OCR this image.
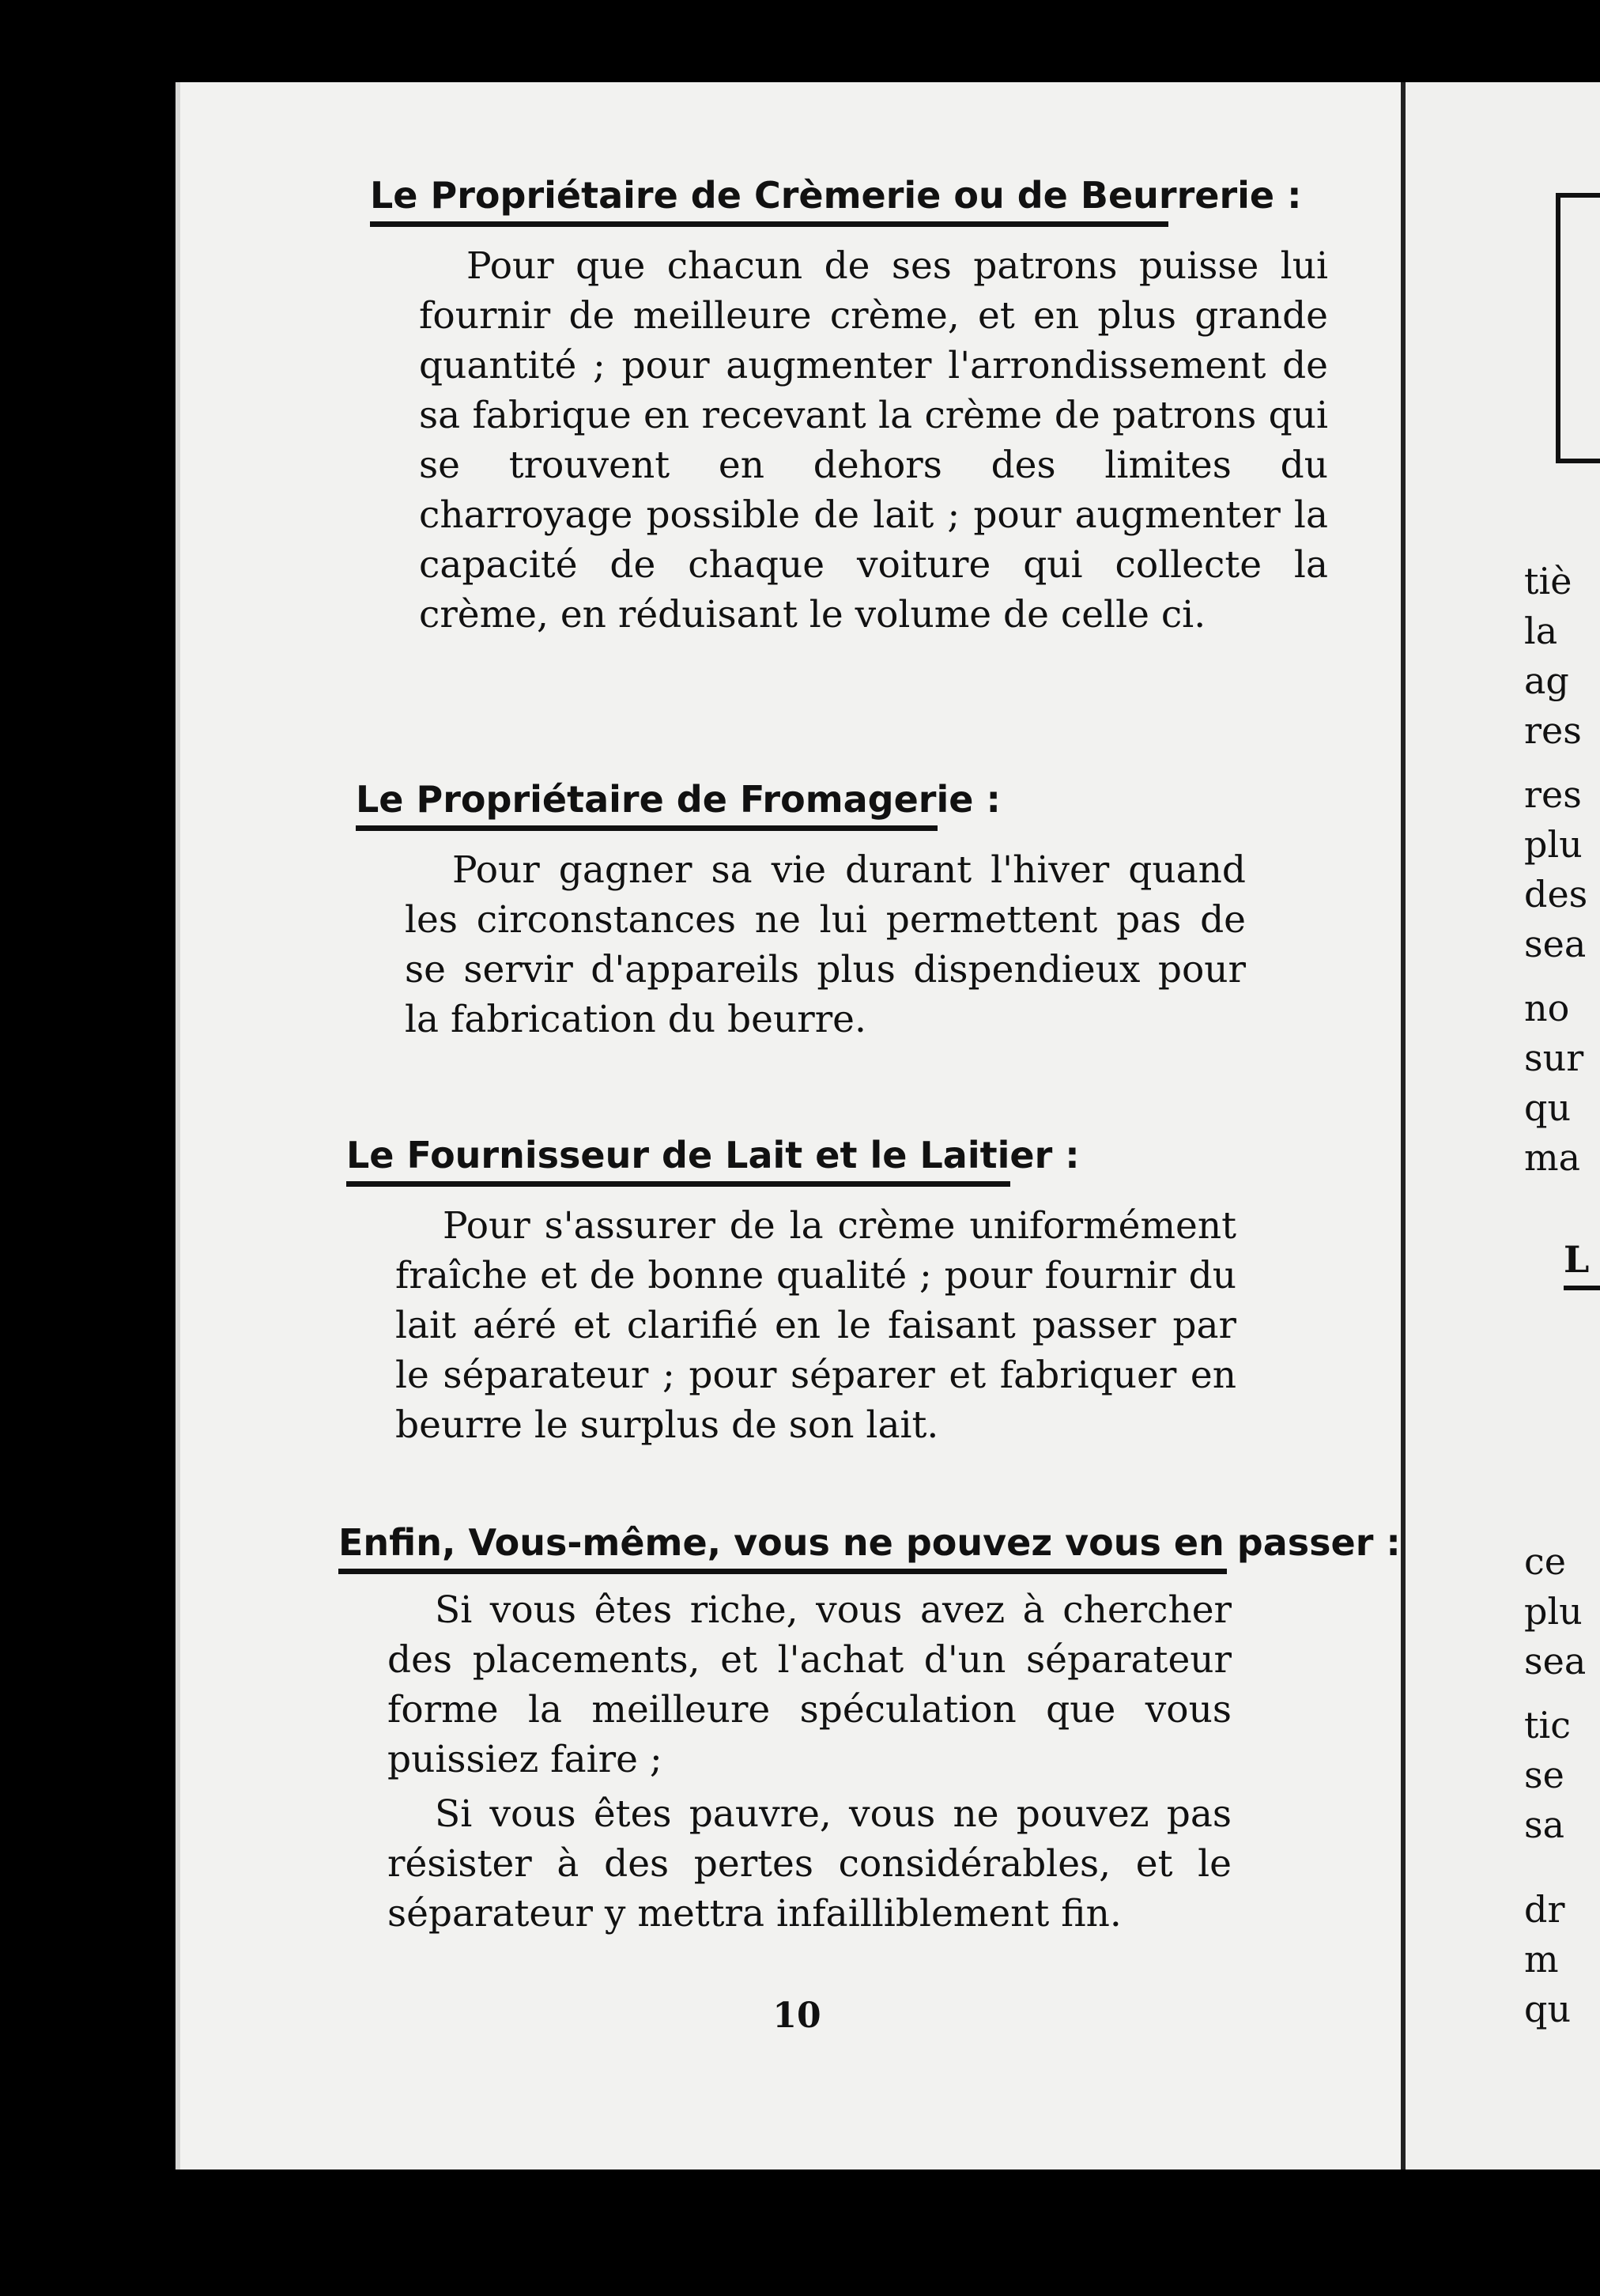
Le Propriétaire de Crèmerie ou de Beurrerie :

Pour que chacun de ses patrons puisse lui fournir de meilleure crème, et en plus grande quantité ; pour augmenter l'arrondissement de sa fabrique en recevant la crème de patrons qui se trouvent en dehors des limites du charroyage possible de lait ; pour augmenter la capacité de chaque voiture qui collecte la crème, en réduisant le volume de celle ci.

Le Propriétaire de Fromagerie :

Pour gagner sa vie durant l'hiver quand les circonstances ne lui permettent pas de se servir d'appareils plus dispendieux pour la fabrication du beurre.

Le Fournisseur de Lait et le Laitier :

Pour s'assurer de la crème uniformément fraîche et de bonne qualité ; pour fournir du lait aéré et clarifié en le faisant passer par le séparateur ; pour séparer et fabriquer en beurre le surplus de son lait.

Enfin, Vous-même, vous ne pouvez vous en passer :

Si vous êtes riche, vous avez à chercher des placements, et l'achat d'un séparateur forme la meilleure spéculation que vous puissiez faire ;

Si vous êtes pauvre, vous ne pouvez pas résister à des pertes considérables, et le séparateur y mettra infailliblement fin.

10
tiè
la
ag
res
res
plu
des
sea
no
sur
qu
ma
L
ce
plu
sea
tic
se
sa
dr
m
qu
